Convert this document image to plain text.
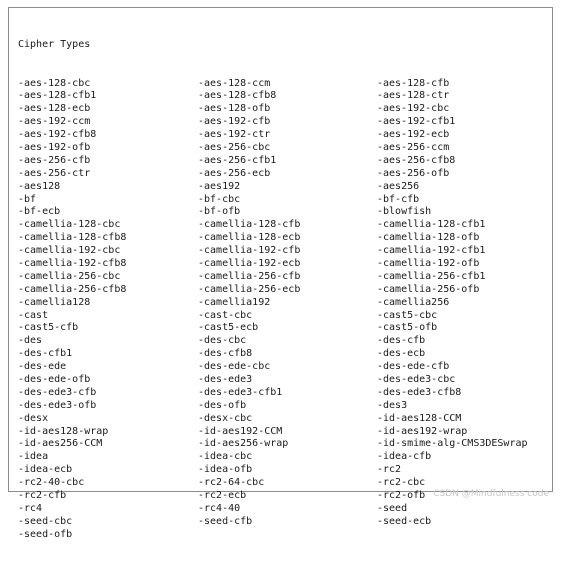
Cipher Types

-aes-128-cbc	-aes-128-ccm	-aes-128-cfb
-aes-128-cfb1	-aes-128-cfb8	-aes-128-ctr
-aes-128-ecb	-aes-128-ofb	-aes-192-cbc
-aes-192-ccm	-aes-192-cfb	-aes-192-cfb1
-aes-192-cfb8	-aes-192-ctr	-aes-192-ecb
-aes-192-ofb	-aes-256-cbc	-aes-256-ccm
-aes-256-cfb	-aes-256-cfb1	-aes-256-cfb8
-aes-256-ctr	-aes-256-ecb	-aes-256-ofb
-aes128	-aes192	-aes256
-bf	-bf-cbc	-bf-cfb
-bf-ecb	-bf-ofb	-blowfish
-camellia-128-cbc	-camellia-128-cfb	-camellia-128-cfb1
-camellia-128-cfb8	-camellia-128-ecb	-camellia-128-ofb
-camellia-192-cbc	-camellia-192-cfb	-camellia-192-cfb1
-camellia-192-cfb8	-camellia-192-ecb	-camellia-192-ofb
-camellia-256-cbc	-camellia-256-cfb	-camellia-256-cfb1
-camellia-256-cfb8	-camellia-256-ecb	-camellia-256-ofb
-camellia128	-camellia192	-camellia256
-cast	-cast-cbc	-cast5-cbc
-cast5-cfb	-cast5-ecb	-cast5-ofb
-des	-des-cbc	-des-cfb
-des-cfb1	-des-cfb8	-des-ecb
-des-ede	-des-ede-cbc	-des-ede-cfb
-des-ede-ofb	-des-ede3	-des-ede3-cbc
-des-ede3-cfb	-des-ede3-cfb1	-des-ede3-cfb8
-des-ede3-ofb	-des-ofb	-des3
-desx	-desx-cbc	-id-aes128-CCM
-id-aes128-wrap	-id-aes192-CCM	-id-aes192-wrap
-id-aes256-CCM	-id-aes256-wrap	-id-smime-alg-CMS3DESwrap
-idea	-idea-cbc	-idea-cfb
-idea-ecb	-idea-ofb	-rc2
-rc2-40-cbc	-rc2-64-cbc	-rc2-cbc
-rc2-cfb	-rc2-ecb	-rc2-ofb
-rc4	-rc4-40	-seed
-seed-cbc	-seed-cfb	-seed-ecb
-seed-ofb

CSDN @Mindfulness code
